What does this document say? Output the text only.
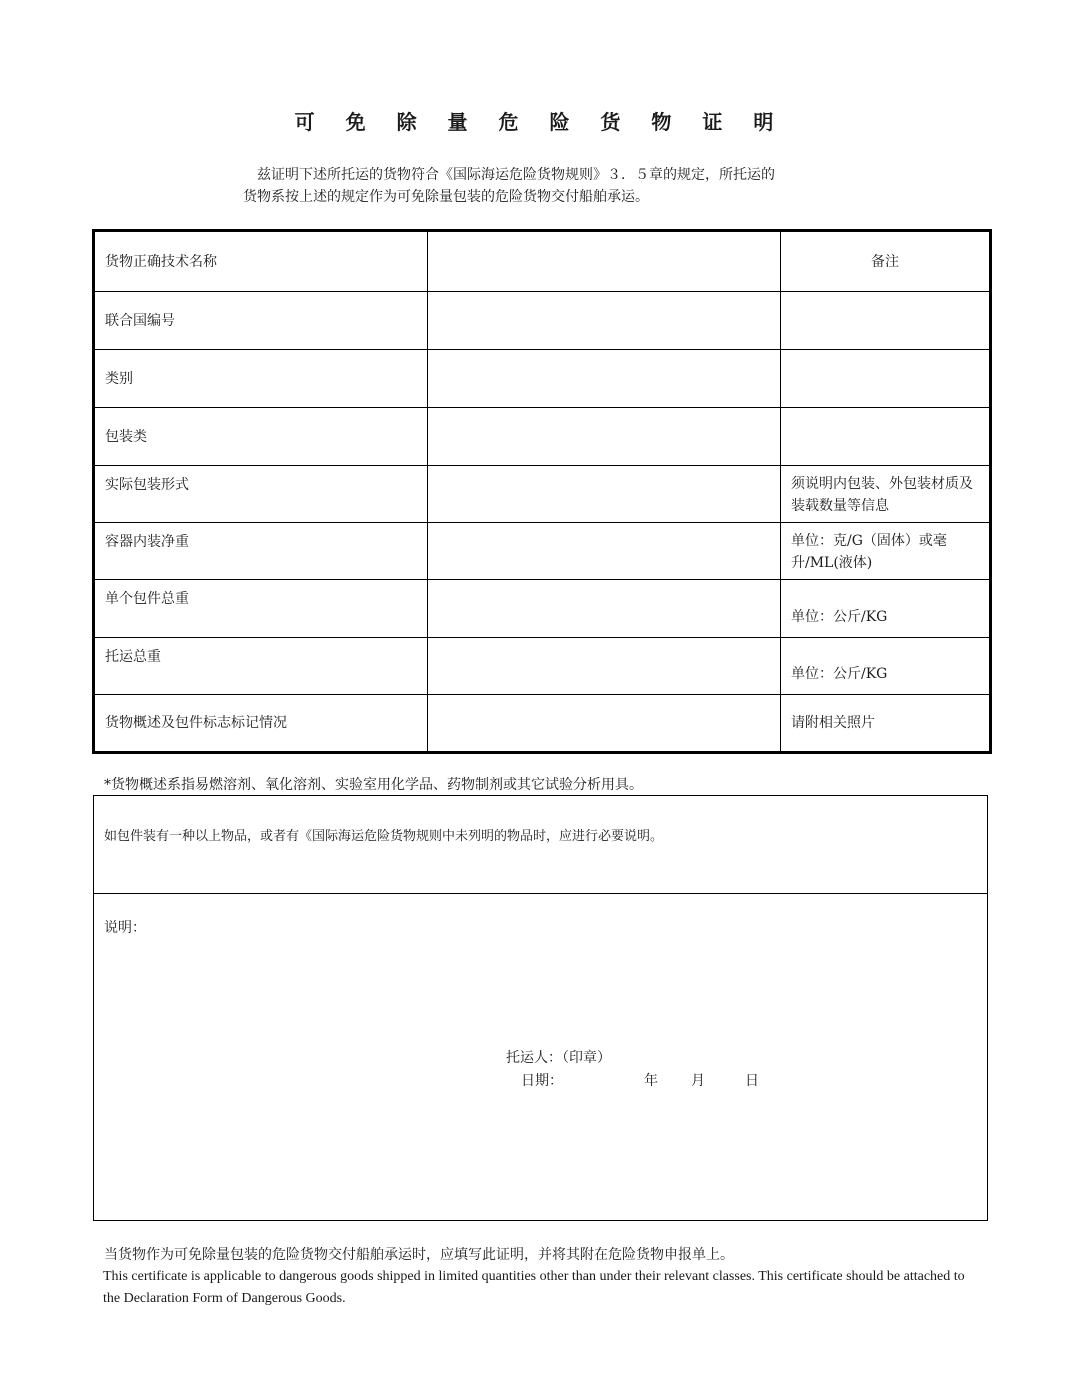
可 免 除 量 危 险 货 物 证 明
兹证明下述所托运的货物符合《国际海运危险货物规则》３．５章的规定，所托运的
货物系按上述的规定作为可免除量包装的危险货物交付船舶承运。
货物正确技术名称		备注
联合国编号		
类别		
包装类		
实际包装形式		须说明内包装、外包装材质及装载数量等信息
容器内装净重		单位：克/G（固体）或毫升/ML(液体)
单个包件总重		单位：公斤/KG
托运总重		单位：公斤/KG
货物概述及包件标志标记情况		请附相关照片
*货物概述系指易燃溶剂、氧化溶剂、实验室用化学品、药物制剂或其它试验分析用具。
如包件装有一种以上物品，或者有《国际海运危险货物规则中未列明的物品时，应进行必要说明。
说明：
托运人：（印章）
日期：	年 月	日
当货物作为可免除量包装的危险货物交付船舶承运时，应填写此证明，并将其附在危险货物申报单上。
This certificate is applicable to dangerous goods shipped in limited quantities other than under their relevant classes. This certificate should be attached to the Declaration Form of Dangerous Goods.
